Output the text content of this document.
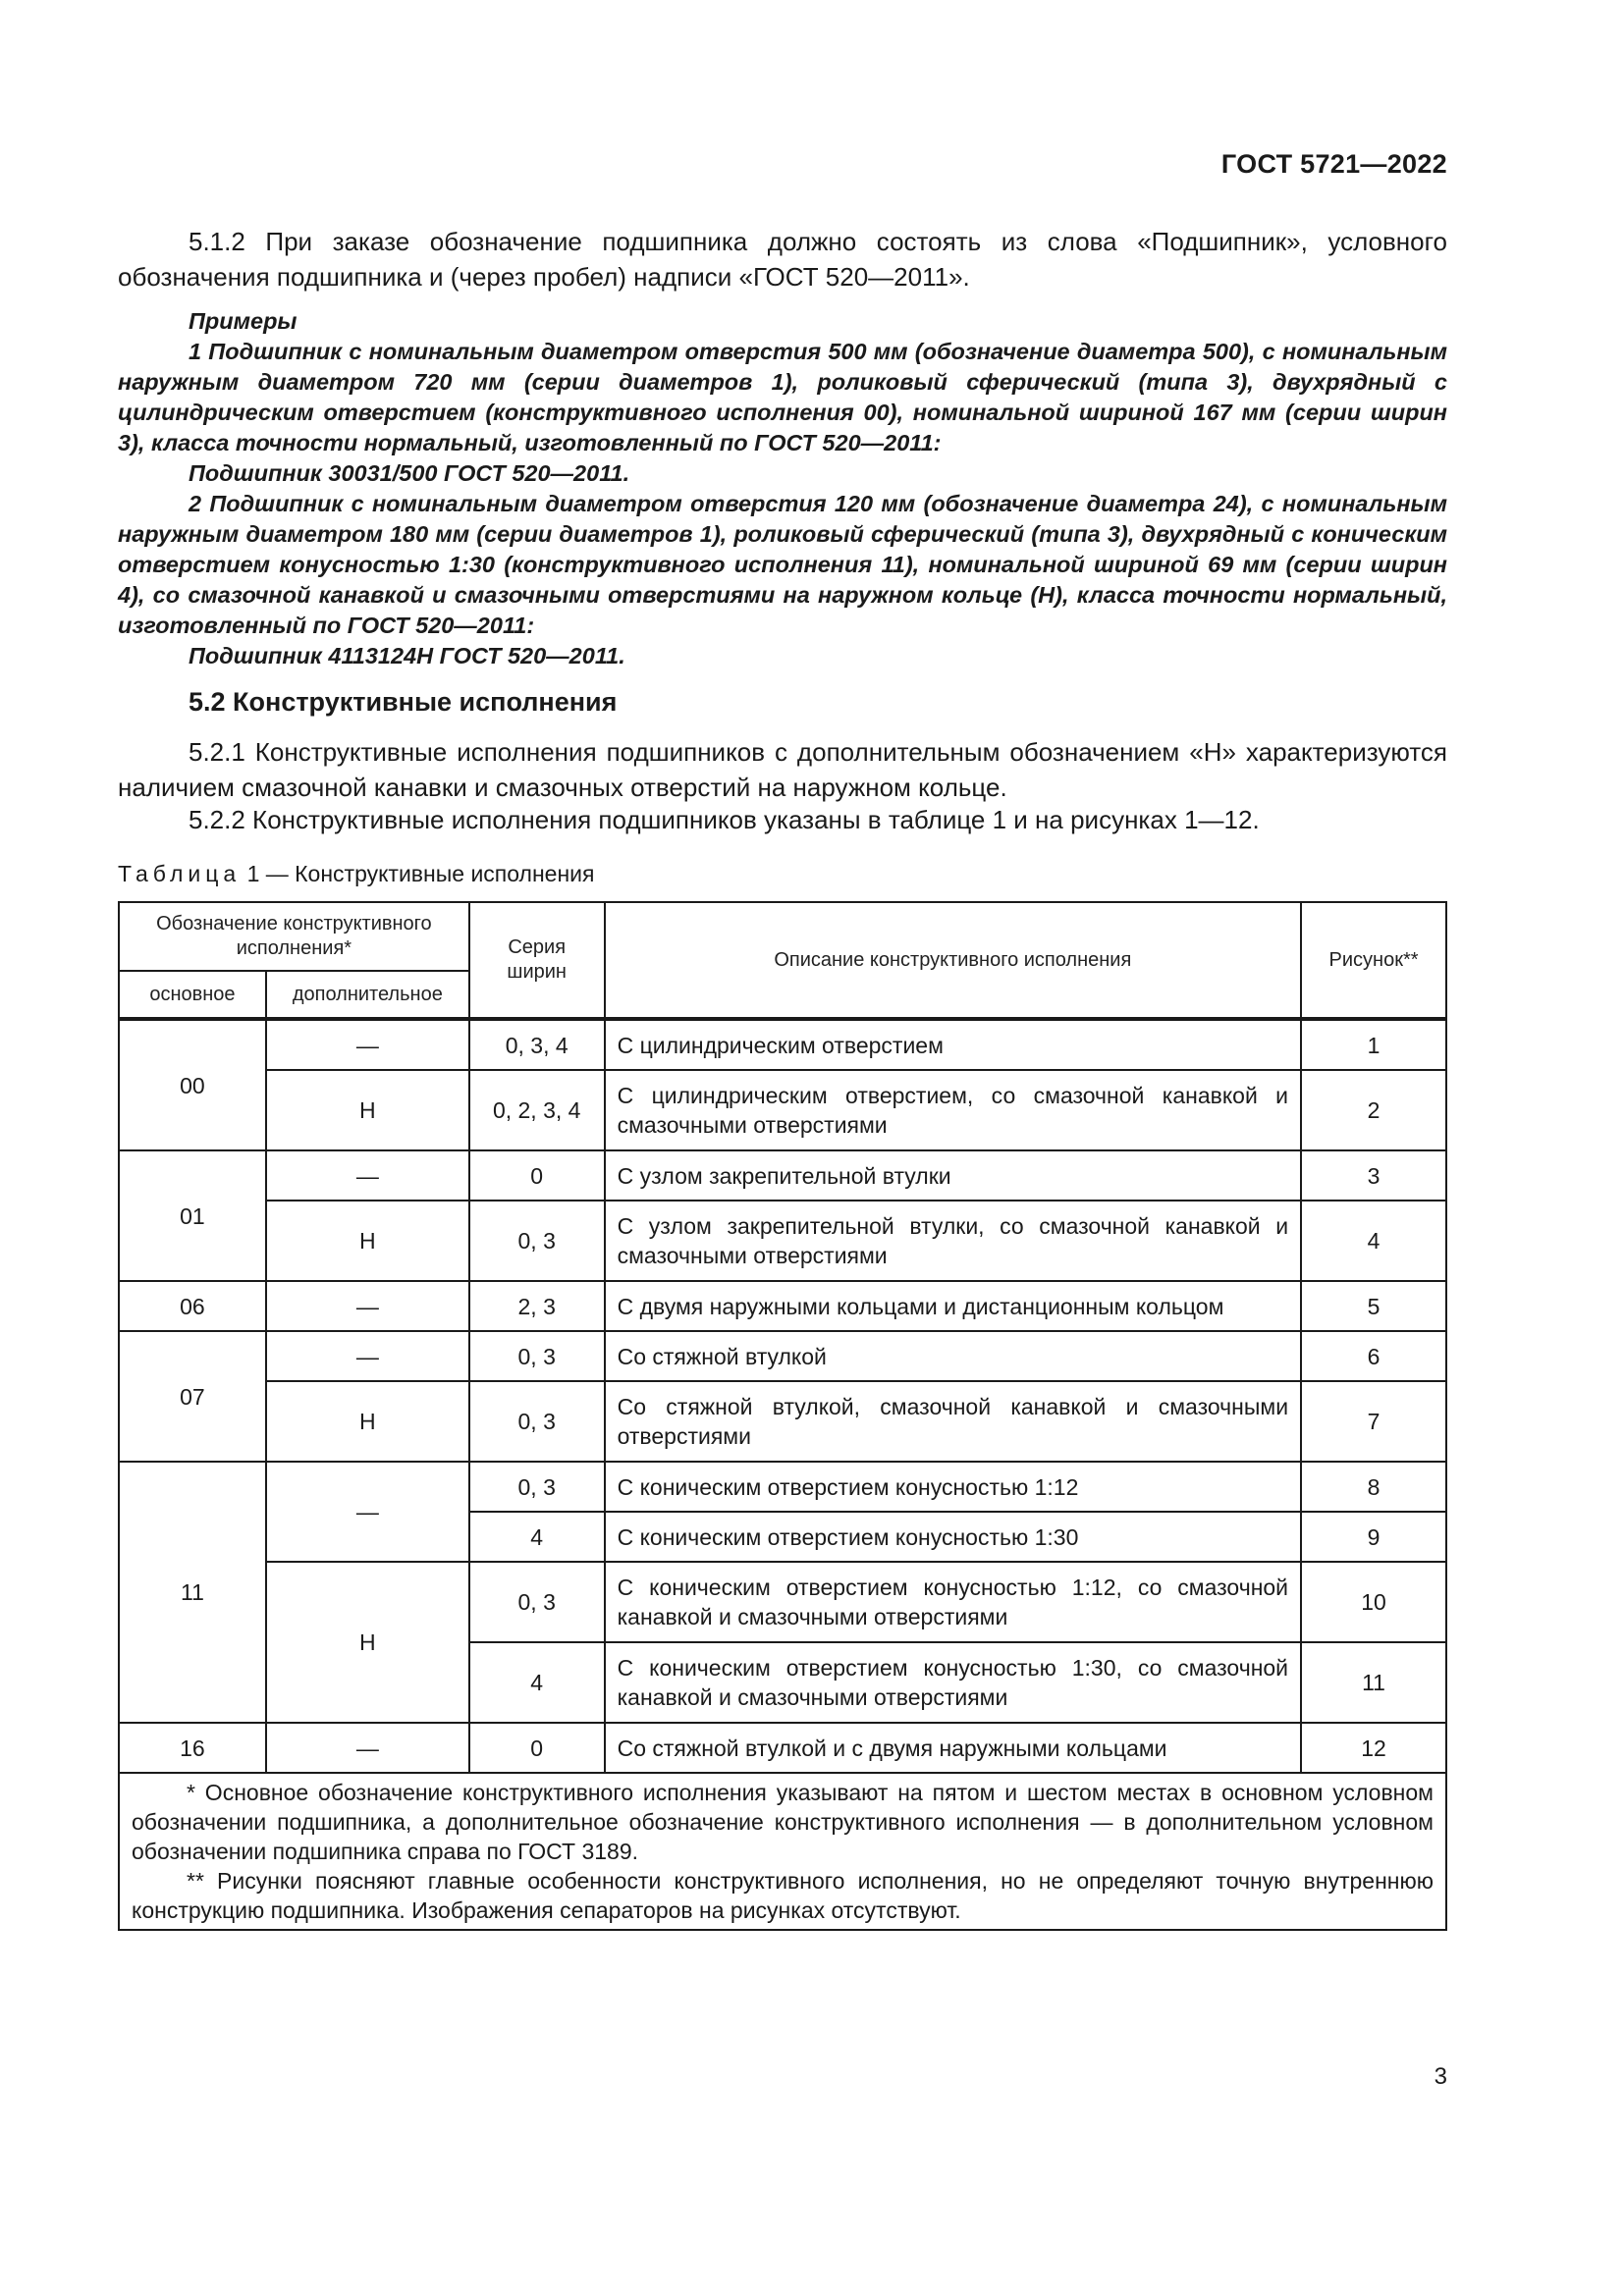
ГОСТ 5721—2022
5.1.2 При заказе обозначение подшипника должно состоять из слова «Подшипник», условного обозначения подшипника и (через пробел) надписи «ГОСТ 520—2011».

Примеры

1 Подшипник с номинальным диаметром отверстия 500 мм (обозначение диаметра 500), с номинальным наружным диаметром 720 мм (серии диаметров 1), роликовый сферический (типа 3), двухрядный с цилиндрическим отверстием (конструктивного исполнения 00), номинальной шириной 167 мм (серии ширин 3), класса точности нормальный, изготовленный по ГОСТ 520—2011:

Подшипник 30031/500 ГОСТ 520—2011.

2 Подшипник с номинальным диаметром отверстия 120 мм (обозначение диаметра 24), с номинальным наружным диаметром 180 мм (серии диаметров 1), роликовый сферический (типа 3), двухрядный с коническим отверстием конусностью 1:30 (конструктивного исполнения 11), номинальной шириной 69 мм (серии ширин 4), со смазочной канавкой и смазочными отверстиями на наружном кольце (Н), класса точности нормальный, изготовленный по ГОСТ 520—2011:

Подшипник 4113124Н ГОСТ 520—2011.

5.2 Конструктивные исполнения
5.2.1 Конструктивные исполнения подшипников с дополнительным обозначением «Н» характеризуются наличием смазочной канавки и смазочных отверстий на наружном кольце.
5.2.2 Конструктивные исполнения подшипников указаны в таблице 1 и на рисунках 1—12.
Таблица 1 — Конструктивные исполнения
Обозначение конструктивного исполнения*		Серия ширин	Описание конструктивного исполнения	Рисунок**
основное	дополнительное			
00	—	0, 3, 4	С цилиндрическим отверстием	1
	Н	0, 2, 3, 4	С цилиндрическим отверстием, со смазочной канавкой и смазочными отверстиями	2
01	—	0	С узлом закрепительной втулки	3
	Н	0, 3	С узлом закрепительной втулки, со смазочной канавкой и смазочными отверстиями	4
06	—	2, 3	С двумя наружными кольцами и дистанционным кольцом	5
07	—	0, 3	Со стяжной втулкой	6
	Н	0, 3	Со стяжной втулкой, смазочной канавкой и смазочными отверстиями	7
11	—	0, 3	С коническим отверстием конусностью 1:12	8
		4	С коническим отверстием конусностью 1:30	9
	Н	0, 3	С коническим отверстием конусностью 1:12, со смазочной канавкой и смазочными отверстиями	10
		4	С коническим отверстием конусностью 1:30, со смазочной канавкой и смазочными отверстиями	11
16	—	0	Со стяжной втулкой и с двумя наружными кольцами	12

* Основное обозначение конструктивного исполнения указывают на пятом и шестом местах в основном условном обозначении подшипника, а дополнительное обозначение конструктивного исполнения — в дополнительном условном обозначении подшипника справа по ГОСТ 3189.

** Рисунки поясняют главные особенности конструктивного исполнения, но не определяют точную внутреннюю конструкцию подшипника. Изображения сепараторов на рисунках отсутствуют.				

3
